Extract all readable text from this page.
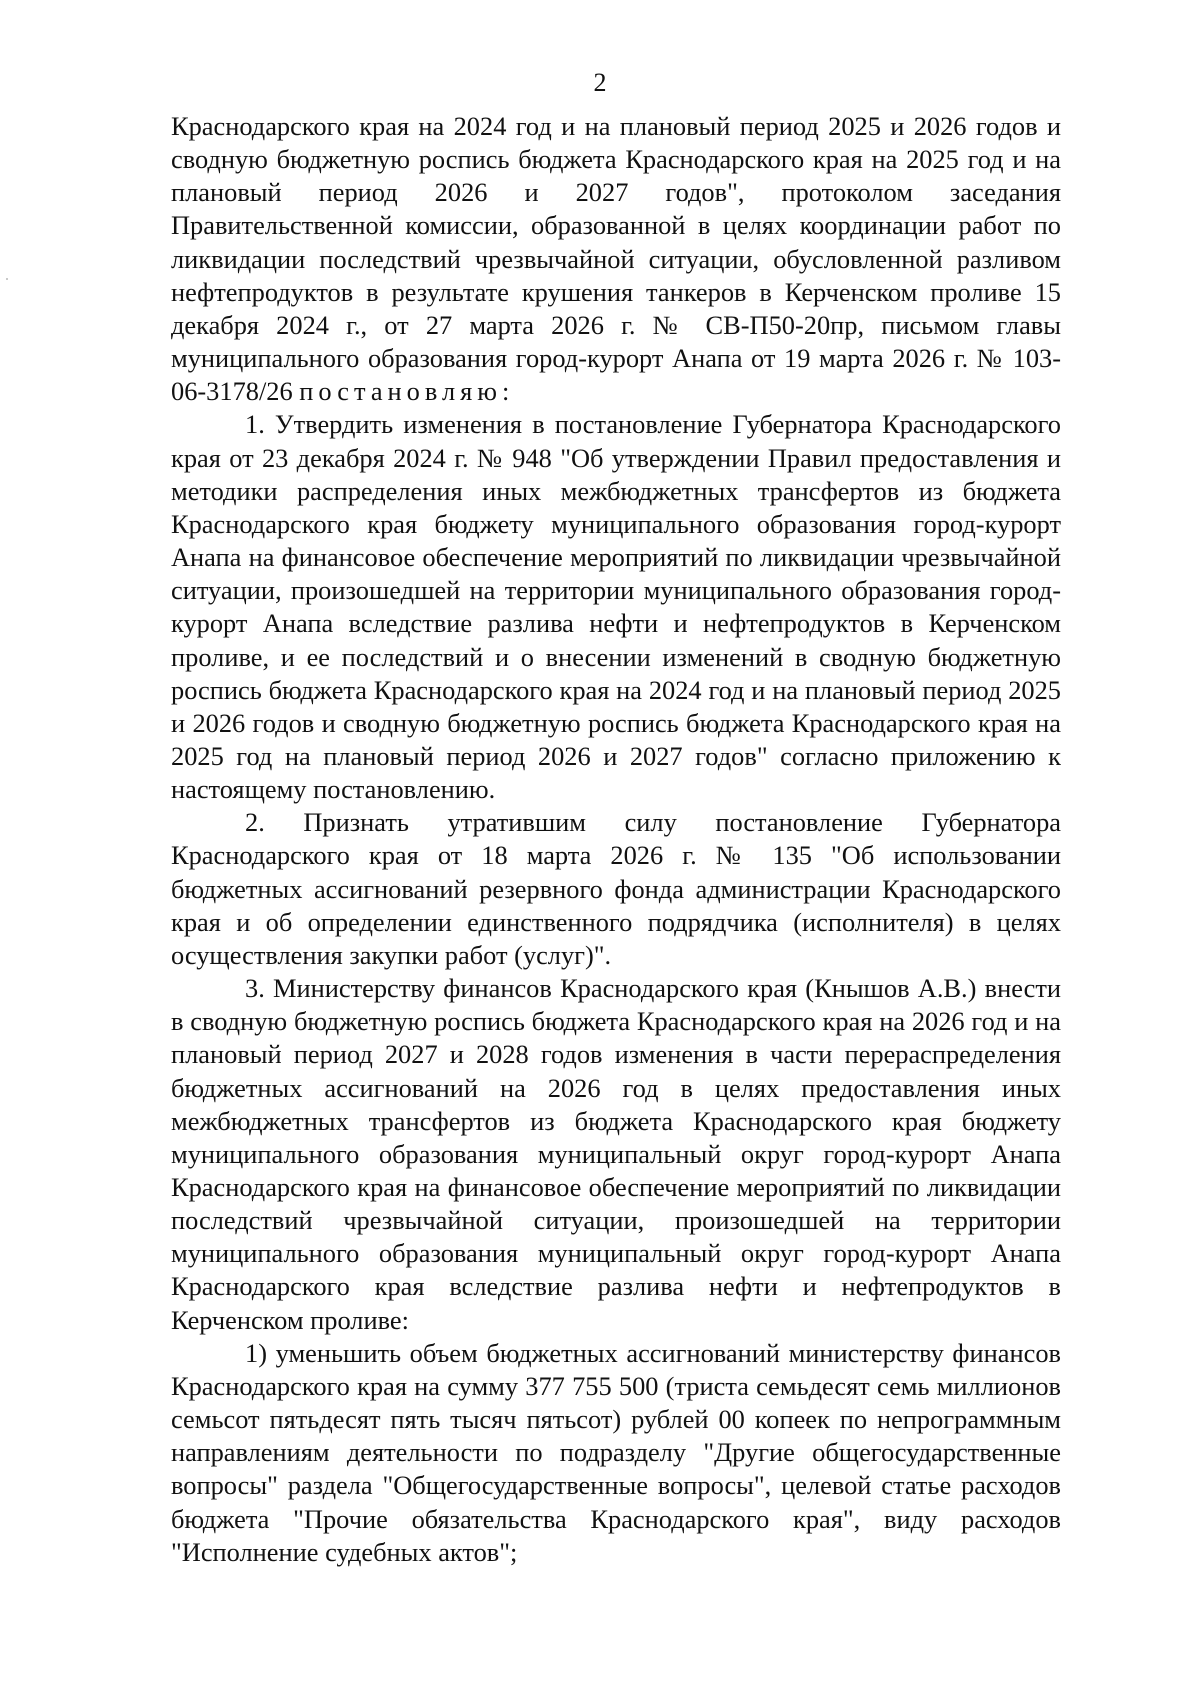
2

Краснодарского края на 2024 год и на плановый период 2025 и 2026 годов и сводную бюджетную роспись бюджета Краснодарского края на 2025 год и на плановый период 2026 и 2027 годов", протоколом заседания Правительственной комиссии, образованной в целях координации работ по ликвидации последствий чрезвычайной ситуации, обусловленной разливом нефтепродуктов в результате крушения танкеров в Керченском проливе 15 декабря 2024 г., от 27 марта 2026 г. № СВ-П50-20пр, письмом главы муниципального образования город-курорт Анапа от 19 марта 2026 г. № 103-06-3178/26 постановляю:

1. Утвердить изменения в постановление Губернатора Краснодарского края от 23 декабря 2024 г. № 948 "Об утверждении Правил предоставления и методики распределения иных межбюджетных трансфертов из бюджета Краснодарского края бюджету муниципального образования город-курорт Анапа на финансовое обеспечение мероприятий по ликвидации чрезвычайной ситуации, произошедшей на территории муниципального образования город-курорт Анапа вследствие разлива нефти и нефтепродуктов в Керченском проливе, и ее последствий и о внесении изменений в сводную бюджетную роспись бюджета Краснодарского края на 2024 год и на плановый период 2025 и 2026 годов и сводную бюджетную роспись бюджета Краснодарского края на 2025 год на плановый период 2026 и 2027 годов" согласно приложению к настоящему постановлению.

2. Признать утратившим силу постановление Губернатора Краснодарского края от 18 марта 2026 г. № 135 "Об использовании бюджетных ассигнований резервного фонда администрации Краснодарского края и об определении единственного подрядчика (исполнителя) в целях осуществления закупки работ (услуг)".

3. Министерству финансов Краснодарского края (Кнышов А.В.) внести в сводную бюджетную роспись бюджета Краснодарского края на 2026 год и на плановый период 2027 и 2028 годов изменения в части перераспределения бюджетных ассигнований на 2026 год в целях предоставления иных межбюджетных трансфертов из бюджета Краснодарского края бюджету муниципального образования муниципальный округ город-курорт Анапа Краснодарского края на финансовое обеспечение мероприятий по ликвидации последствий чрезвычайной ситуации, произошедшей на территории муниципального образования муниципальный округ город-курорт Анапа Краснодарского края вследствие разлива нефти и нефтепродуктов в Керченском проливе:

1) уменьшить объем бюджетных ассигнований министерству финансов Краснодарского края на сумму 377 755 500 (триста семьдесят семь миллионов семьсот пятьдесят пять тысяч пятьсот) рублей 00 копеек по непрограммным направлениям деятельности по подразделу "Другие общегосударственные вопросы" раздела "Общегосударственные вопросы", целевой статье расходов бюджета "Прочие обязательства Краснодарского края", виду расходов "Исполнение судебных актов";
